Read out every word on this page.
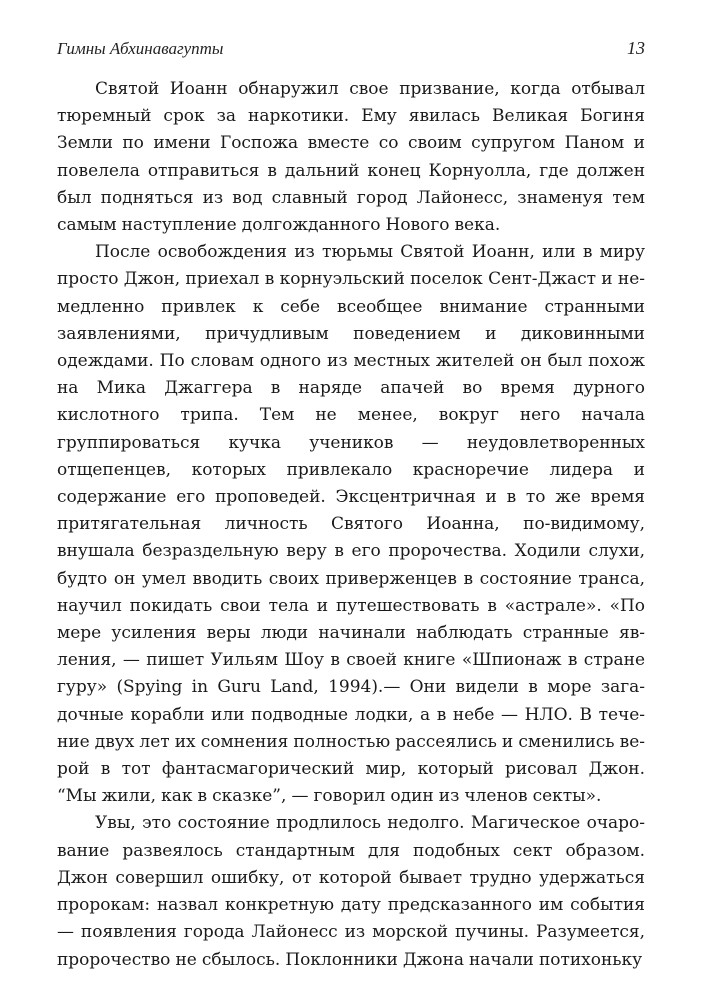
Гимны Абхинавагупты	13

Святой Иоанн обнаружил свое призвание, когда отбывал тюремный срок за наркотики. Ему явилась Великая Богиня Земли по имени Госпожа вместе со своим супругом Паном и повелела отправиться в дальний конец Корнуолла, где должен был подняться из вод славный город Лайонесс, знаменуя тем самым наступление долгожданного Нового века.

После освобождения из тюрьмы Святой Иоанн, или в миру просто Джон, приехал в корнуэльский поселок Сент-Джаст и немедленно привлек к себе всеобщее внимание странными заявлениями, причудливым поведением и диковинными одеждами. По словам одного из местных жителей он был похож на Мика Джаггера в наряде апачей во время дурного кислотного трипа. Тем не менее, вокруг него начала группироваться кучка учеников — неудовлетворенных отщепенцев, которых привлекало красноречие лидера и содержание его проповедей. Эксцентричная и в то же время притягательная личность Святого Иоанна, по-видимому, внушала безраздельную веру в его пророчества. Ходили слухи, будто он умел вводить своих приверженцев в состояние транса, научил покидать свои тела и путешествовать в «астрале». «По мере усиления веры люди начинали наблюдать странные явления, — пишет Уильям Шоу в своей книге «Шпионаж в стране гуру» (Spying in Guru Land, 1994).— Они видели в море загадочные корабли или подводные лодки, а в небе — НЛО. В течение двух лет их сомнения полностью рассеялись и сменились верой в тот фантасмагорический мир, который рисовал Джон. “Мы жили, как в сказке”, — говорил один из членов секты».

Увы, это состояние продлилось недолго. Магическое очарование развеялось стандартным для подобных сект образом. Джон совершил ошибку, от которой бывает трудно удержаться пророкам: назвал конкретную дату предсказанного им события — появления города Лайонесс из морской пучины. Разумеется, пророчество не сбылось. Поклонники Джона начали потихоньку
